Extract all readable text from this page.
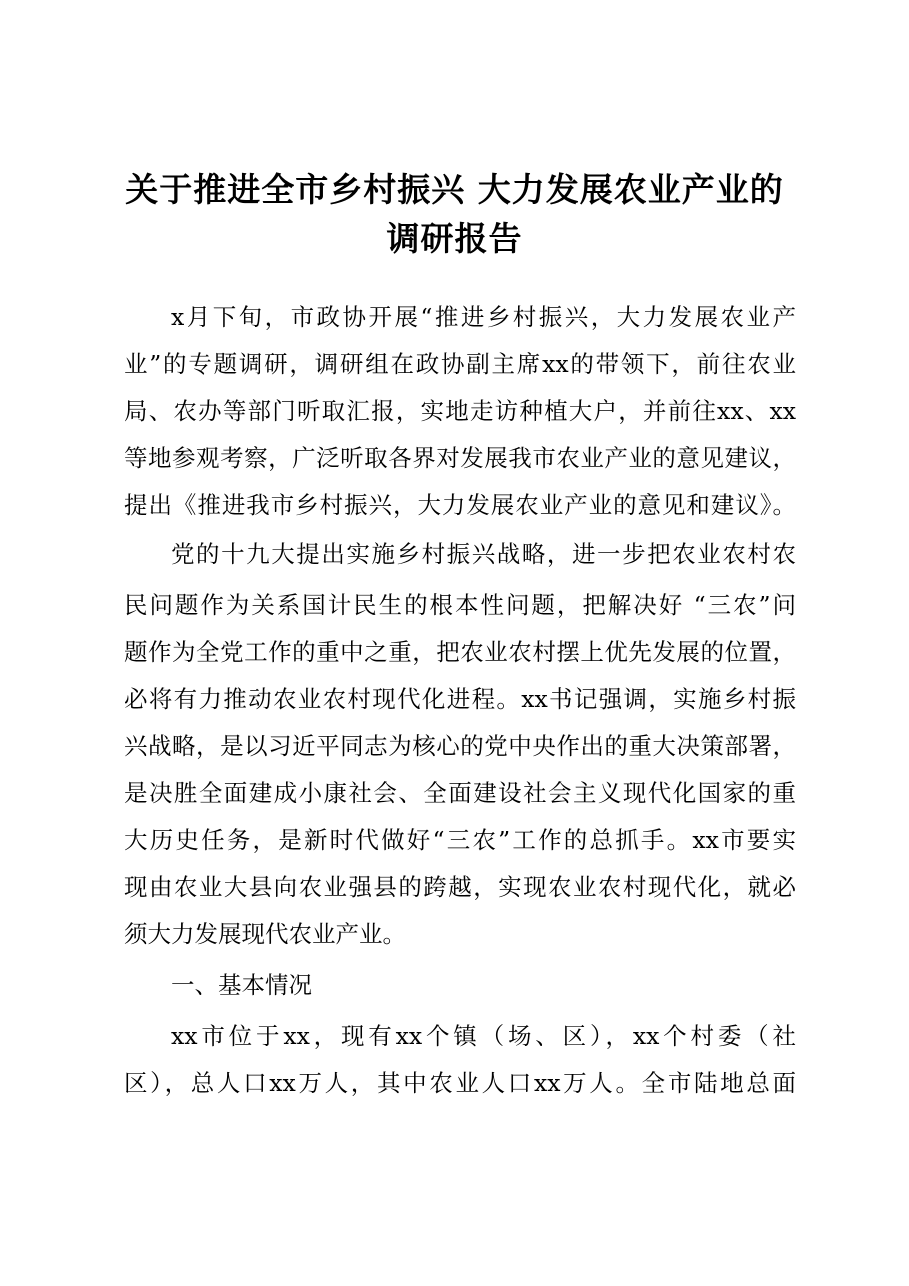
关于推进全市乡村振兴 大力发展农业产业的
调研报告
x月下旬，市政协开展“推进乡村振兴，大力发展农业产
业”的专题调研，调研组在政协副主席xx的带领下，前往农业
局、农办等部门听取汇报，实地走访种植大户，并前往xx、xx
等地参观考察，广泛听取各界对发展我市农业产业的意见建议，
提出《推进我市乡村振兴，大力发展农业产业的意见和建议》。
党的十九大提出实施乡村振兴战略，进一步把农业农村农
民问题作为关系国计民生的根本性问题，把解决好 “三农”问
题作为全党工作的重中之重，把农业农村摆上优先发展的位置，
必将有力推动农业农村现代化进程。xx书记强调，实施乡村振
兴战略，是以习近平同志为核心的党中央作出的重大决策部署，
是决胜全面建成小康社会、全面建设社会主义现代化国家的重
大历史任务，是新时代做好“三农”工作的总抓手。xx市要实
现由农业大县向农业强县的跨越，实现农业农村现代化，就必
须大力发展现代农业产业。
一、基本情况
xx市位于xx，现有xx个镇（场、区），xx个村委（社
区），总人口xx万人，其中农业人口xx万人。全市陆地总面
